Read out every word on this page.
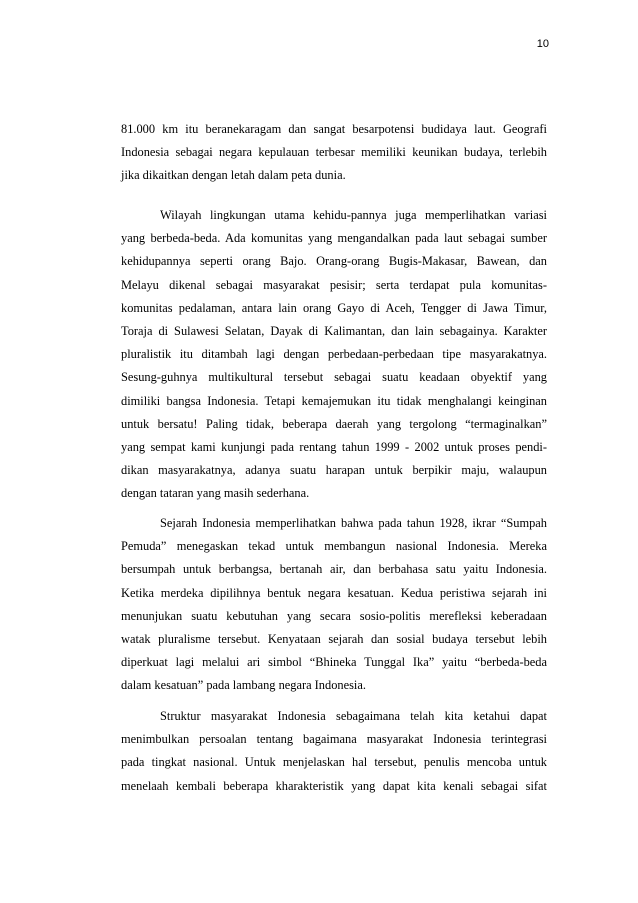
10
81.000 km itu beranekaragam dan sangat besarpotensi budidaya laut. Geografi
Indonesia sebagai negara kepulauan terbesar memiliki keunikan budaya, terlebih
jika dikaitkan dengan letah dalam peta dunia.
Wilayah lingkungan utama kehidu-pannya juga memperlihatkan variasi
yang berbeda-beda. Ada komunitas yang mengandalkan pada laut sebagai sumber
kehidupannya seperti orang Bajo. Orang-orang Bugis-Makasar, Bawean, dan
Melayu dikenal sebagai masyarakat pesisir; serta terdapat pula komunitas-
komunitas pedalaman, antara lain orang Gayo di Aceh, Tengger di Jawa Timur,
Toraja di Sulawesi Selatan, Dayak di Kalimantan, dan lain sebagainya. Karakter
pluralistik itu ditambah lagi dengan perbedaan-perbedaan tipe masyarakatnya.
Sesung-guhnya multikultural tersebut sebagai suatu keadaan obyektif yang
dimiliki bangsa Indonesia. Tetapi kemajemukan itu tidak menghalangi keinginan
untuk bersatu! Paling tidak, beberapa daerah yang tergolong “termaginalkan”
yang sempat kami kunjungi pada rentang tahun 1999 - 2002 untuk proses pendi-
dikan masyarakatnya, adanya suatu harapan untuk berpikir maju, walaupun
dengan tataran yang masih sederhana.
Sejarah Indonesia memperlihatkan bahwa pada tahun 1928, ikrar “Sumpah
Pemuda” menegaskan tekad untuk membangun nasional Indonesia. Mereka
bersumpah untuk berbangsa, bertanah air, dan berbahasa satu yaitu Indonesia.
Ketika merdeka dipilihnya bentuk negara kesatuan. Kedua peristiwa sejarah ini
menunjukan suatu kebutuhan yang secara sosio-politis merefleksi keberadaan
watak pluralisme tersebut. Kenyataan sejarah dan sosial budaya tersebut lebih
diperkuat lagi melalui ari simbol “Bhineka Tunggal Ika” yaitu “berbeda-beda
dalam kesatuan” pada lambang negara Indonesia.
Struktur masyarakat Indonesia sebagaimana telah kita ketahui dapat
menimbulkan persoalan tentang bagaimana masyarakat Indonesia terintegrasi
pada tingkat nasional. Untuk menjelaskan hal tersebut, penulis mencoba untuk
menelaah kembali beberapa kharakteristik yang dapat kita kenali sebagai sifat
